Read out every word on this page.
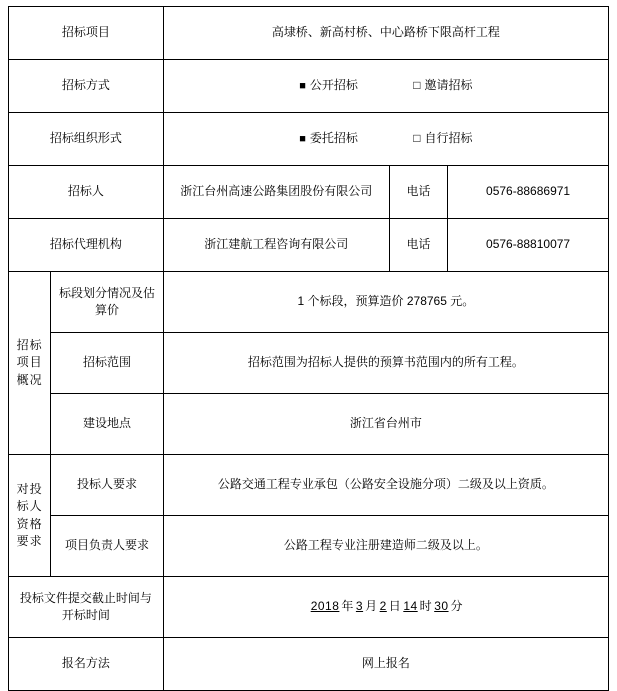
招标项目		高埭桥、新高村桥、中心路桥下限高杆工程		
招标方式		■ 公开招标 □ 邀请招标
招标组织形式		■ 委托招标 □ 自行招标
招标人		浙江台州高速公路集团股份有限公司	电话	0576-88686971
招标代理机构		浙江建航工程咨询有限公司	电话	0576-88810077
招标项目概况	标段划分情况及估算价	1 个标段，预算造价 278765 元。		
	招标范围	招标范围为招标人提供的预算书范围内的所有工程。		
	建设地点	浙江省台州市		
对投标人资格要求	投标人要求	公路交通工程专业承包（公路安全设施分项）二级及以上资质。		
	项目负责人要求	公路工程专业注册建造师二级及以上。		
投标文件提交截止时间与开标时间		2018 年 3 月 2 日 14 时 30 分		
报名方法		网上报名		
